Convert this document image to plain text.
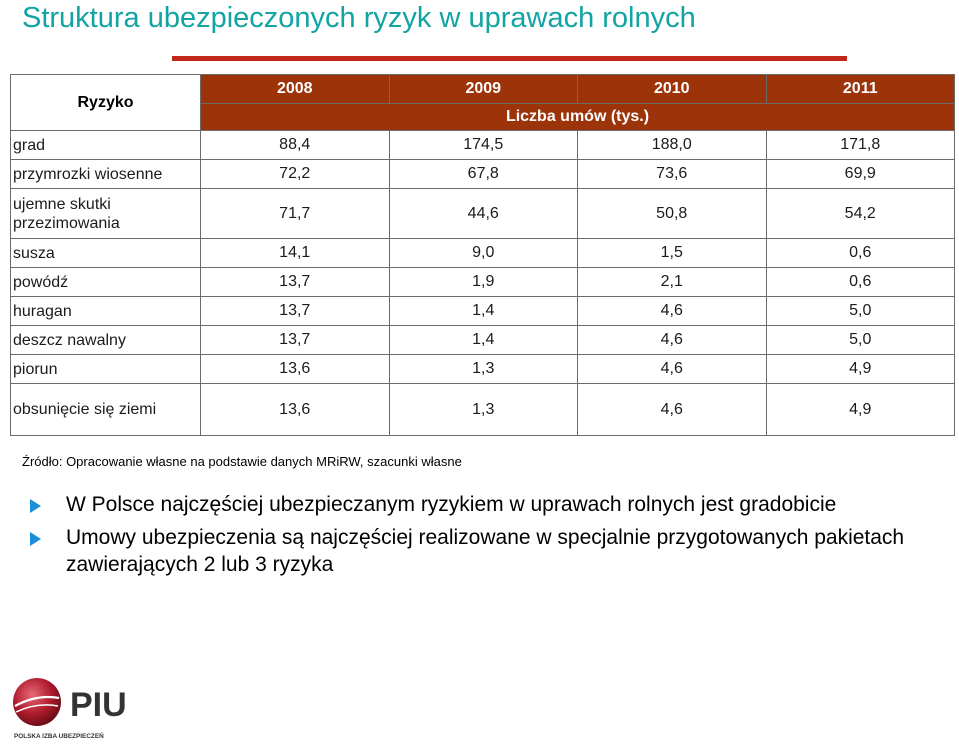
Struktura ubezpieczonych ryzyk w uprawach rolnych
Ryzyko	2008	2009	2010	2011
	Liczba umów (tys.)			
grad	88,4	174,5	188,0	171,8
przymrozki wiosenne	72,2	67,8	73,6	69,9
ujemne skutki przezimowania	71,7	44,6	50,8	54,2
susza	14,1	9,0	1,5	0,6
powódź	13,7	1,9	2,1	0,6
huragan	13,7	1,4	4,6	5,0
deszcz nawalny	13,7	1,4	4,6	5,0
piorun	13,6	1,3	4,6	4,9
obsunięcie się ziemi	13,6	1,3	4,6	4,9
Źródło: Opracowanie własne na podstawie danych MRiRW, szacunki własne
W Polsce najczęściej ubezpieczanym ryzykiem w uprawach rolnych jest gradobicie
Umowy ubezpieczenia są najczęściej realizowane w specjalnie przygotowanych pakietach zawierających 2 lub 3 ryzyka
PIU
POLSKA IZBA UBEZPIECZEŃ
